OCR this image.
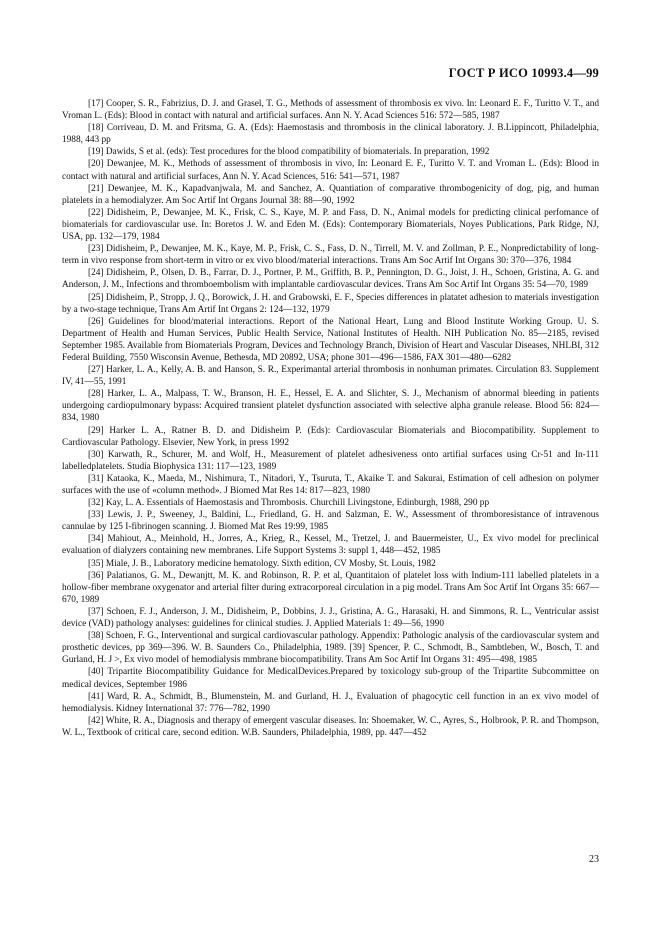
ГОСТ Р ИСО 10993.4—99

[17] Cooper, S. R., Fabrizius, D. J. and Grasel, T. G., Methods of assessment of thrombosis ex vivo. In: Leonard E. F., Turitto V. T., and Vroman L. (Eds): Blood in contact with natural and artificial surfaces. Ann N. Y. Acad Sciences 516: 572—585, 1987

[18] Corriveau, D. M. and Fritsma, G. A. (Eds): Haemostasis and thrombosis in the clinical laboratory. J. B.Lippincott, Philadelphia, 1988, 443 pp

[19] Dawids, S et al. (eds): Test procedures for the blood compatibility of biomaterials. In preparation, 1992

[20] Dewanjee, M. K., Methods of assessment of thrombosis in vivo, In: Leonard E. F., Turitto V. T. and Vroman L. (Eds): Blood in contact with natural and artificial surfaces, Ann N. Y. Acad Sciences, 516: 541—571, 1987

[21] Dewanjee, M. K., Kapadvanjwala, M. and Sanchez, A. Quantiation of comparative thrombogenicity of dog, pig, and human platelets in a hemodialyzer. Am Soc Artif Int Organs Journal 38: 88—90, 1992

[22] Didisheim, P., Dewanjee, M. K., Frisk, C. S., Kaye, M. P. and Fass, D. N., Animal models for predicting clinical perfomance of biomaterials for cardiovascular use. In: Boretos J. W. and Eden M. (Eds): Contemporary Biomaterials, Noyes Publications, Park Ridge, NJ, USA, pp. 132—179, 1984

[23] Didisheim, P., Dewanjee, M. K., Kaye, M. P., Frisk, C. S., Fass, D. N., Tirrell, M. V. and Zollman, P. E., Nonpredictability of long-term in vivo response from short-term in vitro or ex vivo blood/material interactions. Trans Am Soc Artif Int Organs 30: 370—376, 1984

[24] Didisheim, P., Olsen, D. B., Farrar, D. J., Portner, P. M., Griffith, B. P., Pennington, D. G., Joist, J. H., Schoen, Gristina, A. G. and Anderson, J. M., Infections and thromboembolism with implantable cardiovascular devices. Trans Am Soc Artif Int Organs 35: 54—70, 1989

[25] Didisheim, P., Stropp, J. Q., Borowick, J. H. and Grabowski, E. F., Species differences in platatet adhesion to materials investigation by a two-stage technique, Trans Am Artif Int Organs 2: 124—132, 1979

[26] Guidelines for blood/material interactions. Report of the National Heart, Lung and Blood Institute Working Group. U. S. Department of Health and Human Services, Public Health Service, National Institutes of Health. NIH Publication No. 85—2185, revised September 1985. Available from Biomaterials Program, Devices and Technology Branch, Division of Heart and Vascular Diseases, NHLBI, 312 Federal Building, 7550 Wisconsin Avenue, Bethesda, MD 20892, USA; phone 301—496—1586, FAX 301—480—6282

[27] Harker, L. A., Kelly, A. B. and Hanson, S. R., Experimantal arterial thrombosis in nonhuman primates. Circulation 83. Supplement IV, 41—55, 1991

[28] Harker, L. A., Malpass, T. W., Branson, H. E., Hessel, E. A. and Slichter, S. J., Mechanism of abnormal bleeding in patients undergoing cardiopulmonary bypass: Acquired transient platelet dysfunction associated with selective alpha granule release. Blood 56: 824—834, 1980

[29] Harker L. A., Ratner B. D. and Didisheim P. (Eds): Cardiovascular Biomaterials and Biocompatibility. Supplement to Cardiovascular Pathology. Elsevier, New York, in press 1992

[30] Karwath, R., Schurer, M. and Wolf, H., Measurement of platelet adhesiveness onto artifial surfaces using Cr-51 and In-111 labelledplatelets. Studia Biophysica 131: 117—123, 1989

[31] Kataoka, K., Maeda, M., Nishimura, T., Nitadori, Y., Tsuruta, T., Akaike T. and Sakurai, Estimation of cell adhesion on polymer surfaces with the use of «column method». J Biomed Mat Res 14: 817—823, 1980

[32] Kay, L. A. Essentials of Haemostasis and Thrombosis. Churchill Livingstone, Edinburgh, 1988, 290 pp

[33] Lewis, J. P., Sweeney, J., Baldini, L., Friedland, G. H. and Salzman, E. W., Assessment of thromboresistance of intravenous cannulae by 125 I-fibrinogen scanning. J. Biomed Mat Res 19:99, 1985

[34] Mahiout, A., Meinhold, H., Jorres, A., Krieg, R., Kessel, M., Tretzel, J. and Bauermeister, U., Ex vivo model for preclinical evaluation of dialyzers containing new membranes. Life Support Systems 3: suppl 1, 448—452, 1985

[35] Miale, J. B., Laboratory medicine hematology. Sixth edition, CV Mosby, St. Louis, 1982

[36] Palatianos, G. M., Dewanjtt, M. K. and Robinson, R. P. et al, Quantitaion of platelet loss with Indium-111 labelled platelets in a hollow-fiber membrane oxygenator and arterial filter during extracorporeal circulation in a pig model. Trans Am Soc Artif Int Organs 35: 667—670, 1989

[37] Schoen, F. J., Anderson, J. M., Didisheim, P., Dobbins, J. J., Gristina, A. G., Harasaki, H. and Simmons, R. L., Ventricular assist device (VAD) pathology analyses: guidelines for clinical studies. J. Applied Materials 1: 49—56, 1990

[38] Schoen, F. G., Interventional and surgical cardiovascular pathology. Appendix: Pathologic analysis of the cardiovascular system and prosthetic devices, pp 369—396. W. B. Saunders Co., Philadelphia, 1989. [39] Spencer, P. C., Schmodt, B., Sambtleben, W., Bosch, T. and Gurland, H. J >, Ex vivo model of hemodialysis mmbrane biocompatibility. Trans Am Soc Artif Int Organs 31: 495—498, 1985

[40] Tripartite Biocompatibility Guidance for MedicalDevices.Prepared by toxicology sub-group of the Tripartite Subcommittee on medical devices, September 1986

[41] Ward, R. A., Schmidt, B., Blumenstein, M. and Gurland, H. J., Evaluation of phagocytic cell function in an ex vivo model of hemodialysis. Kidney International 37: 776—782, 1990

[42] White, R. A., Diagnosis and therapy of emergent vascular diseases. In: Shoemaker, W. C., Ayres, S., Holbrook, P. R. and Thompson, W. L., Textbook of critical care, second edition. W.B. Saunders, Philadelphia, 1989, pp. 447—452

23
